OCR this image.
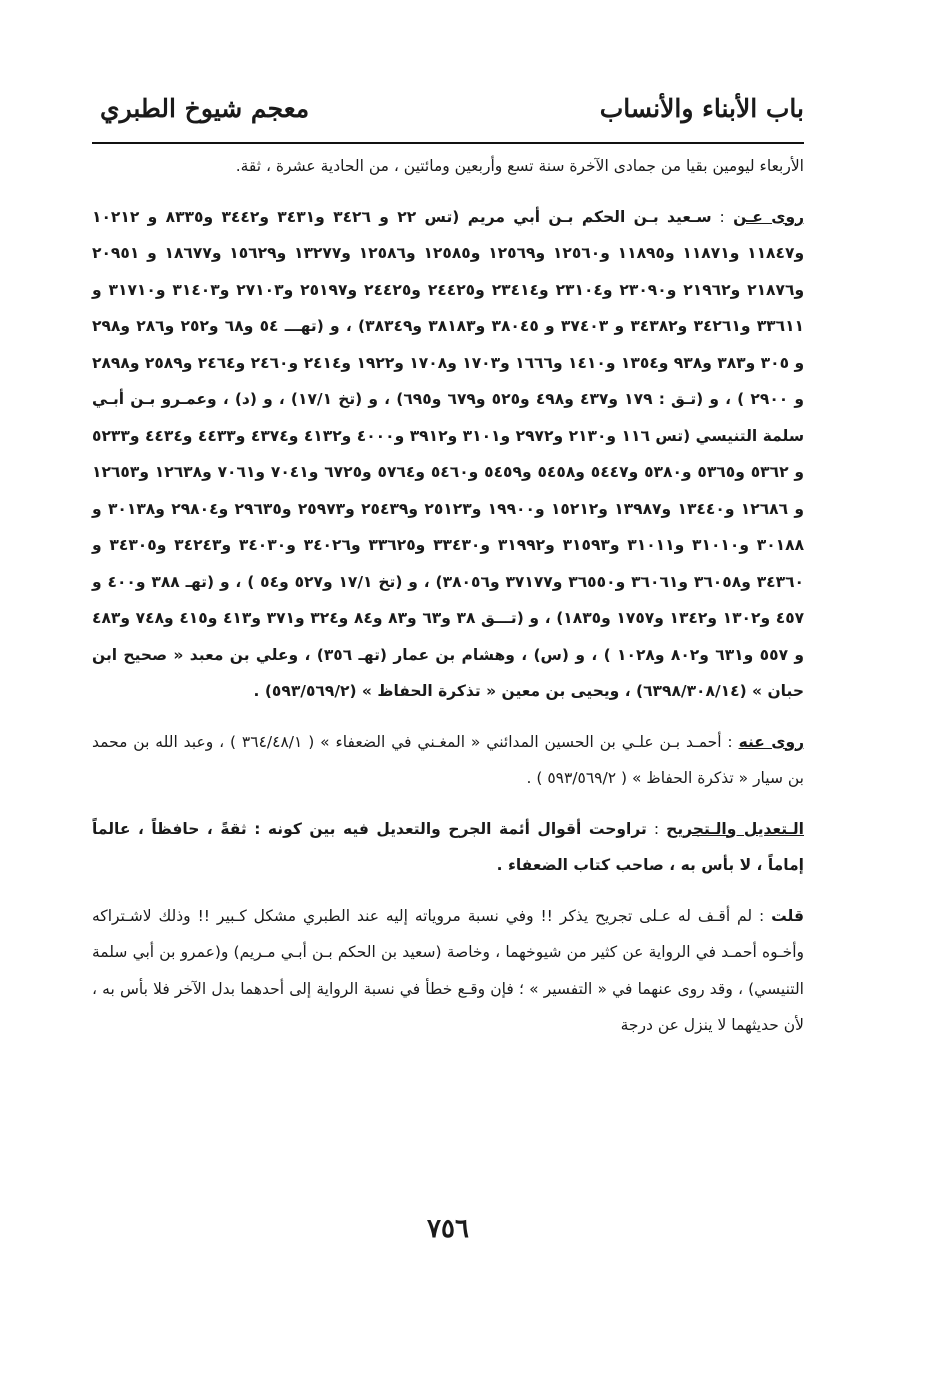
باب الأبناء والأنساب
معجم شيوخ الطبري

الأربعاء ليومين بقيا من جمادى الآخرة سنة تسع وأربعين ومائتين ، من الحادية عشرة ، ثقة.

روى عـن : سـعيد بـن الحكم بـن أبي مريم (تس ٢٢ و ٣٤٢٦ و٣٤٣١ و٣٤٤٢ و٨٣٣٥ و ١٠٢١٢ و١١٨٤٧ و١١٨٧١ و١١٨٩٥ و١٢٥٦٠ و١٢٥٦٩ و١٢٥٨٥ و١٢٥٨٦ و١٣٢٧٧ و١٥٦٢٩ و١٨٦٧٧ و ٢٠٩٥١ و٢١٨٧٦ و٢١٩٦٢ و٢٣٠٩٠ و٢٣١٠٤ و٢٣٤١٤ و٢٤٤٢٥ و٢٤٤٢٥ و٢٥١٩٧ و٢٧١٠٣ و٣١٤٠٣ و٣١٧١٠ و ٣٣٦١١ و٣٤٢٦١ و٣٤٣٨٢ و ٣٧٤٠٣ و ٣٨٠٤٥ و٣٨١٨٣ و٣٨٣٤٩) ، و (تهـــ ٥٤ و٦٨ و٢٥٢ و٢٨٦ و٢٩٨ و ٣٠٥ و٣٨٣ و٩٣٨ و١٣٥٤ و١٤١٠ و١٦٦٦ و١٧٠٣ و١٧٠٨ و١٩٢٢ و٢٤١٤ و٢٤٦٠ و٢٤٦٤ و٢٥٨٩ و٢٨٩٨ و ٢٩٠٠ ) ، و (تـق : ١٧٩ و٤٣٧ و٤٩٨ و٥٢٥ و٦٧٩ و٦٩٥) ، و (تخ ١٧/١) ، و (د) ، وعمـرو بـن أبـي سلمة التنيسي (تس ١١٦ و٢١٣٠ و٢٩٧٢ و٣١٠١ و٣٩١٢ و٤٠٠٠ و٤١٣٢ و٤٣٧٤ و٤٤٣٣ و٤٤٣٤ و٥٢٣٣ و ٥٣٦٢ و٥٣٦٥ و٥٣٨٠ و٥٤٤٧ و٥٤٥٨ و٥٤٥٩ و٥٤٦٠ و٥٧٦٤ و٦٧٢٥ و٧٠٤١ و٧٠٦١ و١٢٦٣٨ و١٢٦٥٣ و ١٢٦٨٦ و١٣٤٤٠ و١٣٩٨٧ و١٥٢١٢ و١٩٩٠٠ و٢٥١٢٣ و٢٥٤٣٩ و٢٥٩٧٣ و٢٩٦٣٥ و٢٩٨٠٤ و٣٠١٣٨ و ٣٠١٨٨ و٣١٠١٠ و٣١٠١١ و٣١٥٩٣ و٣١٩٩٢ و٣٣٤٣٠ و٣٣٦٢٥ و٣٤٠٢٦ و٣٤٠٣٠ و٣٤٢٤٣ و٣٤٣٠٥ و ٣٤٣٦٠ و٣٦٠٥٨ و٣٦٠٦١ و٣٦٥٥٠ و٣٧١٧٧ و٣٨٠٥٦) ، و (تخ ١٧/١ و٥٢٧ و٥٤ ) ، و (تهـ ٣٨٨ و٤٠٠ و ٤٥٧ و١٣٠٢ و١٣٤٢ و١٧٥٧ و١٨٣٥) ، و (تـــق ٣٨ و٦٣ و٨٣ و٨٤ و٣٢٤ و٣٧١ و٤١٣ و٤١٥ و٧٤٨ و٤٨٣ و ٥٥٧ و٦٣١ و٨٠٢ و١٠٢٨ ) ، و (س) ، وهشام بن عمار (تهـ ٣٥٦) ، وعلي بن معبد « صحيح ابن حبان » (٦٣٩٨/٣٠٨/١٤) ، ويحيى بن معين « تذكرة الحفاظ » (٥٩٣/٥٦٩/٢) .

روى عنه : أحمـد بـن علـي بن الحسين المدائني « المغـني في الضعفاء » ( ٣٦٤/٤٨/١ ) ، وعبد الله بن محمد بن سيار « تذكرة الحفاظ » ( ٥٩٣/٥٦٩/٢ ) .

الـتعديل والـتجريح : تراوحت أقوال أئمة الجرح والتعديل فيه بين كونه : ثقةً ، حافظاً ، عالماً إماماً ، لا بأس به ، صاحب كتاب الضعفاء .

قلت : لم أقـف له عـلى تجريح يذكر !! وفي نسبة مروياته إليه عند الطبري مشكل كـبير !! وذلك لاشـتراكه وأخـوه أحمـد في الرواية عن كثير من شيوخهما ، وخاصة (سعيد بن الحكم بـن أبـي مـريم) و(عمرو بن أبي سلمة التنيسي) ، وقد روى عنهما في « التفسير » ؛ فإن وقـع خطأ في نسبة الرواية إلى أحدهما بدل الآخر فلا بأس به ، لأن حديثهما لا ينزل عن درجة

٧٥٦
